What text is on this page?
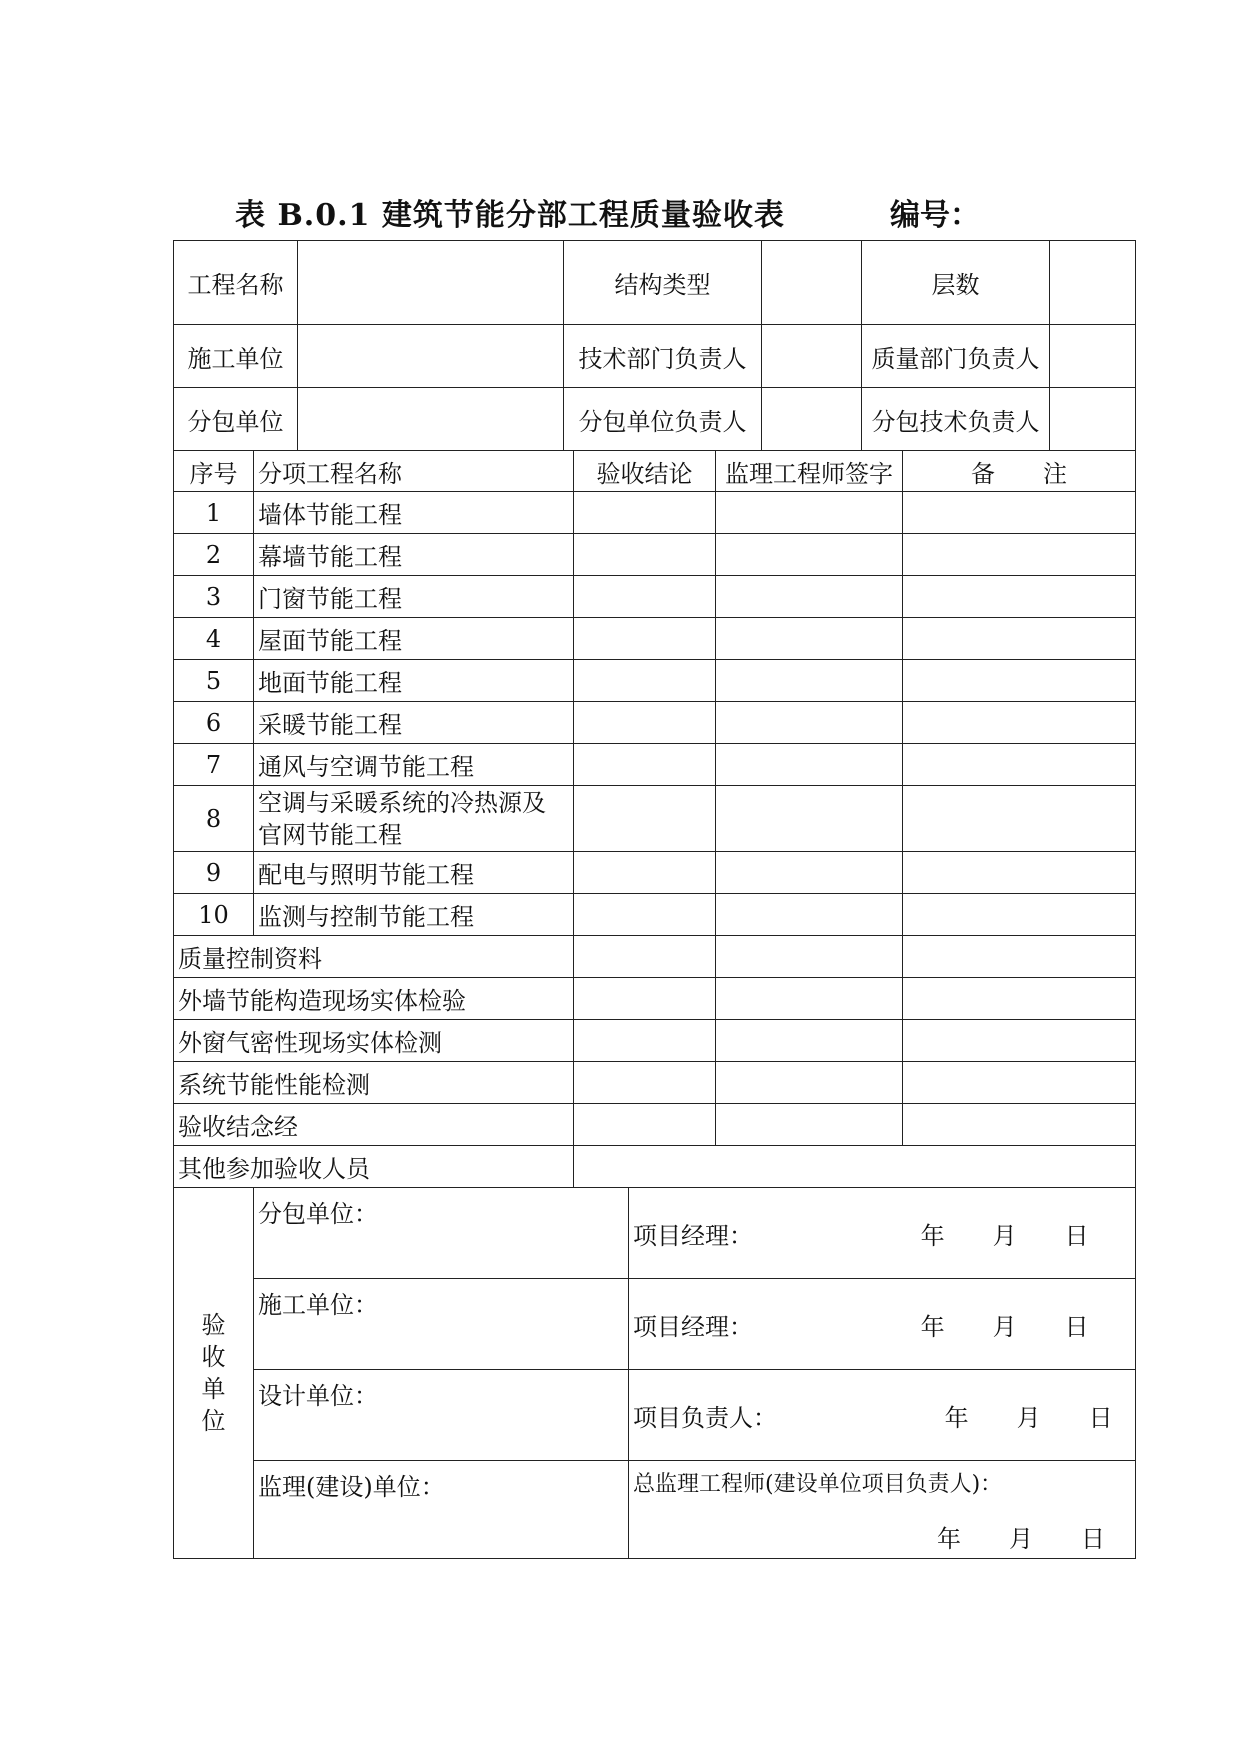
表 B.0.1 建筑节能分部工程质量验收表	编号：
工程名称		结构类型		层数	
施工单位		技术部门负责人		质量部门负责人	
分包单位		分包单位负责人		分包技术负责人	
序号	分项工程名称	验收结论	监理工程师签字	备　　注
1	墙体节能工程			
2	幕墙节能工程			
3	门窗节能工程			
4	屋面节能工程			
5	地面节能工程			
6	采暖节能工程			
7	通风与空调节能工程			
8	空调与采暖系统的冷热源及官网节能工程			
9	配电与照明节能工程			
10	监测与控制节能工程			
质量控制资料				
外墙节能构造现场实体检验				
外窗气密性现场实体检测				
系统节能性能检测				
验收结念经				
其他参加验收人员				
验
收
单
位	分包单位：	项目经理： 年　　月　　日
	施工单位：	项目经理： 年　　月　　日
	设计单位：	项目负责人： 年　　月　　日
	监理(建设)单位：	总监理工程师(建设单位项目负责人)：
年　　月　　日
